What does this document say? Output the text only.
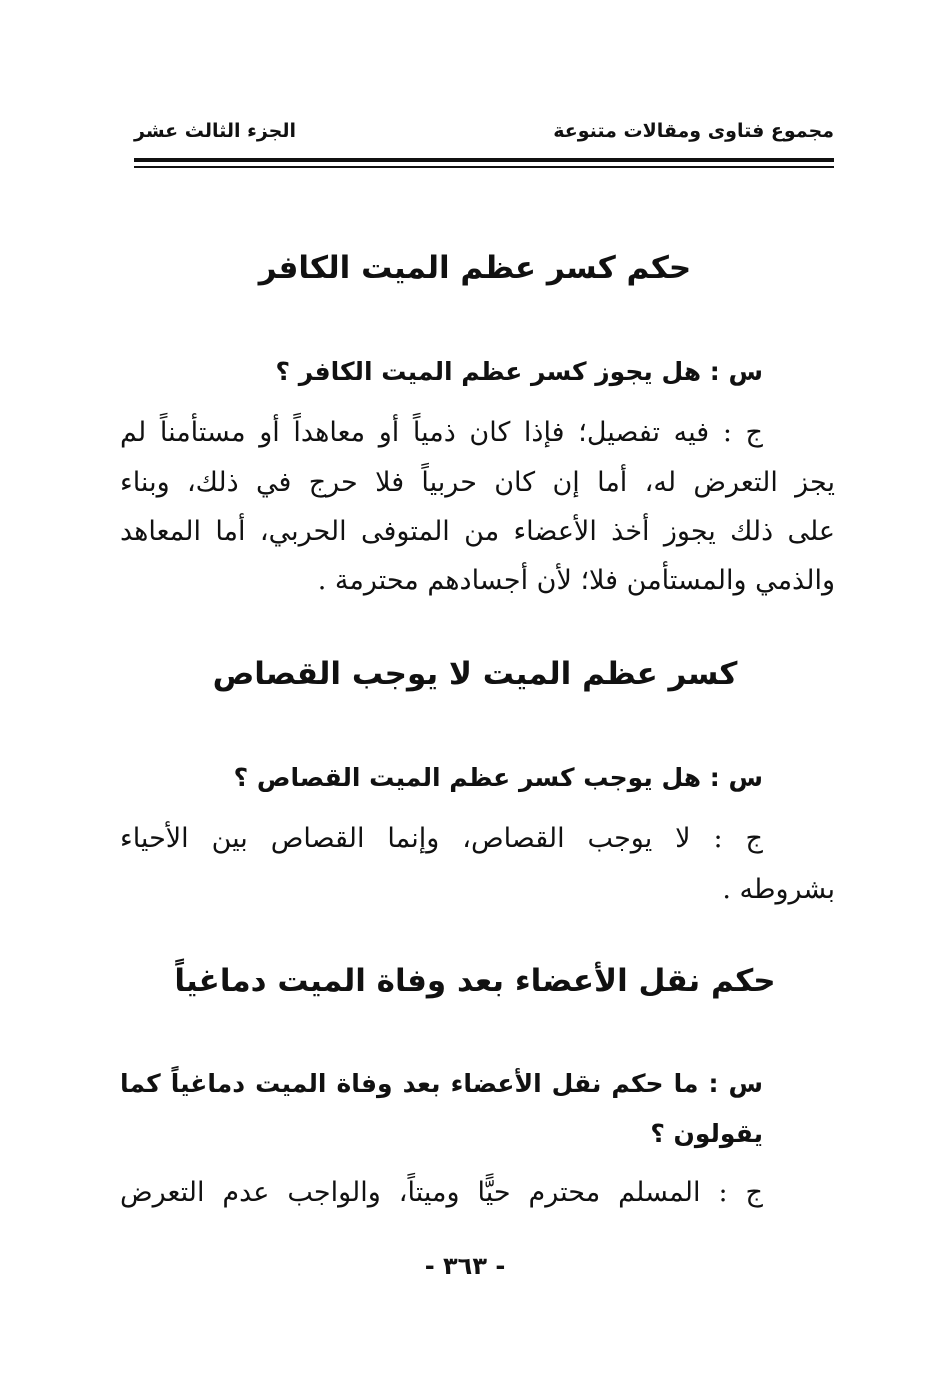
مجموع فتاوى ومقالات متنوعة
الجزء الثالث عشر
حكم كسر عظم الميت الكافر
س : هل يجوز كسر عظم الميت الكافر ؟
ج : فيه تفصيل؛ فإذا كان ذمياً أو معاهداً أو مستأمناً لم
يجز التعرض له، أما إن كان حربياً فلا حرج في ذلك، وبناء
على ذلك يجوز أخذ الأعضاء من المتوفى الحربي، أما المعاهد
والذمي والمستأمن فلا؛ لأن أجسادهم محترمة .
كسر عظم الميت لا يوجب القصاص
س : هل يوجب كسر عظم الميت القصاص ؟
ج : لا يوجب القصاص، وإنما القصاص بين الأحياء
بشروطه .
حكم نقل الأعضاء بعد وفاة الميت دماغياً
س : ما حكم نقل الأعضاء بعد وفاة الميت دماغياً كما
يقولون ؟
ج : المسلم محترم حيًّا وميتاً، والواجب عدم التعرض
- ٣٦٣ -
